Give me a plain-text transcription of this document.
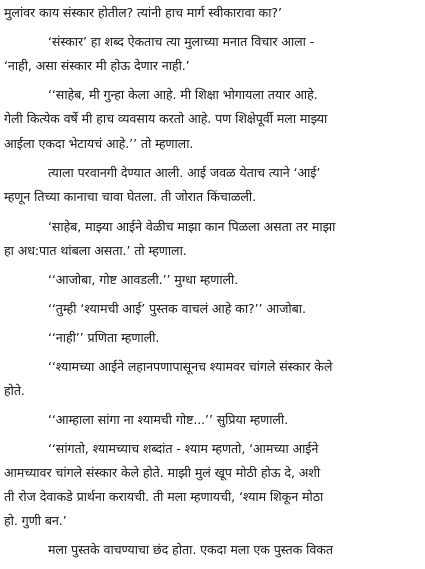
मुलांवर काय संस्कार होतील? त्यांनी हाच मार्ग स्वीकारावा का?’
‘संस्कार’ हा शब्द ऐकताच त्या मुलाच्या मनात विचार आला -
‘नाही, असा संस्कार मी होऊ देणार नाही.’
‘‘साहेब, मी गुन्हा केला आहे. मी शिक्षा भोगायला तयार आहे.
गेली कित्येक वर्षे मी हाच व्यवसाय करतो आहे. पण शिक्षेपूर्वी मला माझ्या
आईला एकदा भेटायचं आहे.’’ तो म्हणाला.
त्याला परवानगी देण्यात आली. आई जवळ येताच त्याने ‘आई’
म्हणून तिच्या कानाचा चावा घेतला. ती जोरात किंचाळली.
‘साहेब, माझ्या आईने वेळीच माझा कान पिळला असता तर माझा
हा अध:पात थांबला असता.’ तो म्हणाला.
‘‘आजोबा, गोष्ट आवडली.’’ मुग्धा म्हणाली.
‘‘तुम्ही ‘श्यामची आई’ पुस्तक वाचलं आहे का?’’ आजोबा.
‘‘नाही’’ प्रणिता म्हणाली.
‘‘श्यामच्या आईने लहानपणापासूनच श्यामवर चांगले संस्कार केले
होते.
‘‘आम्हाला सांगा ना श्यामची गोष्ट...’’ सुप्रिया म्हणाली.
‘‘सांगतो, श्यामच्याच शब्दांत - श्याम म्हणतो, ‘आमच्या आईने
आमच्यावर चांगले संस्कार केले होते. माझी मुलं खूप मोठी होऊ दे, अशी
ती रोज देवाकडे प्रार्थना करायची. ती मला म्हणायची, ‘श्याम शिकून मोठा
हो. गुणी बन.’
मला पुस्तके वाचण्याचा छंद होता. एकदा मला एक पुस्तक विकत
